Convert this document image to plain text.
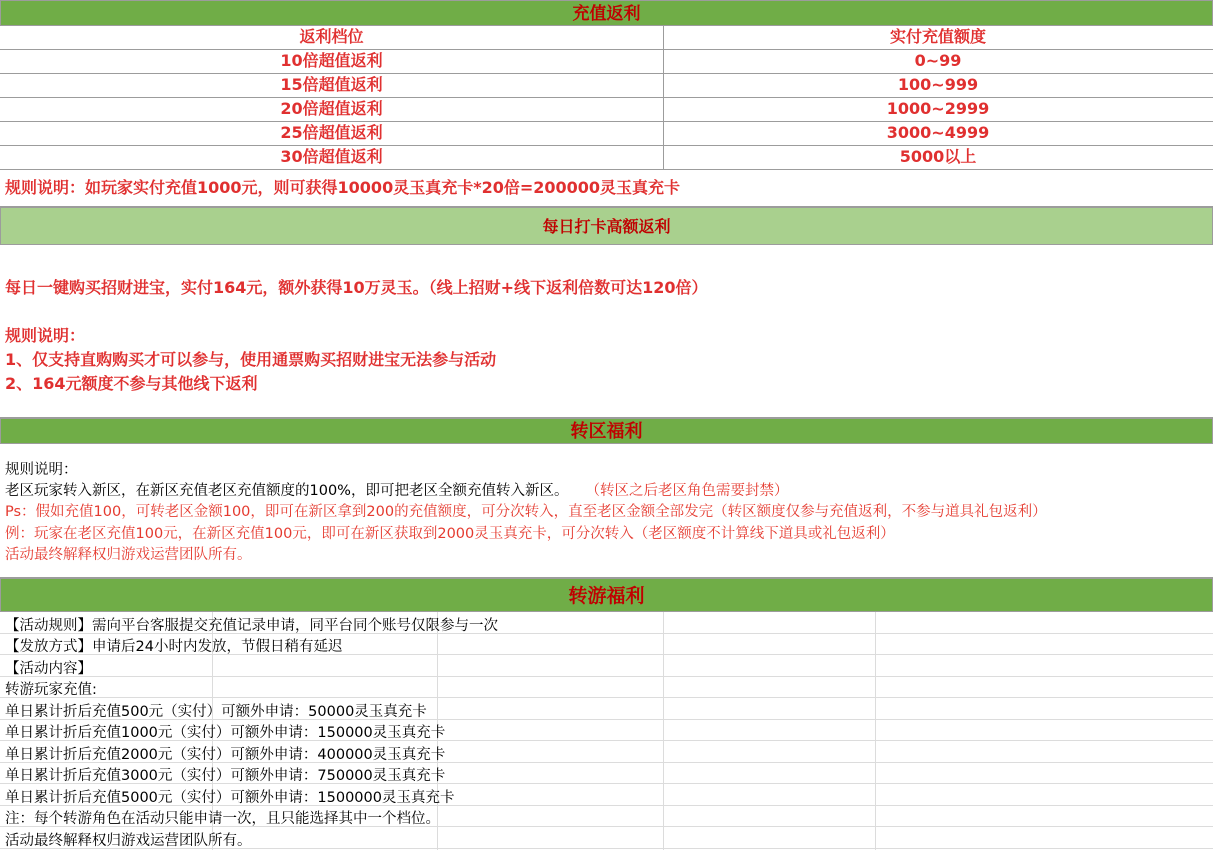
充值返利
返利档位	实付充值额度
10倍超值返利	0~99
15倍超值返利	100~999
20倍超值返利	1000~2999
25倍超值返利	3000~4999
30倍超值返利	5000以上
规则说明：如玩家实付充值1000元，则可获得10000灵玉真充卡*20倍=200000灵玉真充卡
每日打卡高额返利
每日一键购买招财进宝，实付164元，额外获得10万灵玉。（线上招财+线下返利倍数可达120倍）
规则说明：
1、仅支持直购购买才可以参与，使用通票购买招财进宝无法参与活动
2、164元额度不参与其他线下返利
转区福利
规则说明：
老区玩家转入新区，在新区充值老区充值额度的100%，即可把老区全额充值转入新区。 （转区之后老区角色需要封禁）
Ps：假如充值100，可转老区金额100，即可在新区拿到200的充值额度，可分次转入，直至老区金额全部发完（转区额度仅参与充值返利，不参与道具礼包返利）
例：玩家在老区充值100元，在新区充值100元，即可在新区获取到2000灵玉真充卡，可分次转入（老区额度不计算线下道具或礼包返利）
活动最终解释权归游戏运营团队所有。
转游福利
【活动规则】需向平台客服提交充值记录申请，同平台同个账号仅限参与一次
【发放方式】申请后24小时内发放，节假日稍有延迟
【活动内容】
转游玩家充值:
单日累计折后充值500元（实付）可额外申请：50000灵玉真充卡
单日累计折后充值1000元（实付）可额外申请：150000灵玉真充卡
单日累计折后充值2000元（实付）可额外申请：400000灵玉真充卡
单日累计折后充值3000元（实付）可额外申请：750000灵玉真充卡
单日累计折后充值5000元（实付）可额外申请：1500000灵玉真充卡
注：每个转游角色在活动只能申请一次，且只能选择其中一个档位。
活动最终解释权归游戏运营团队所有。
